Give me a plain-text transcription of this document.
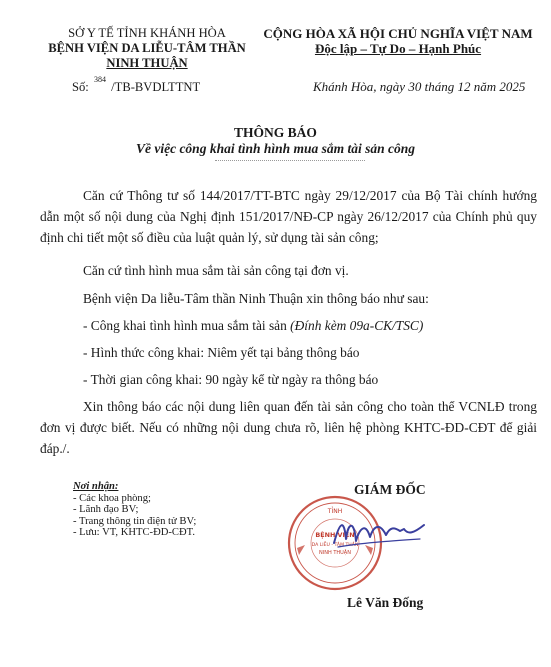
SỞ Y TẾ TỈNH KHÁNH HÒA
BỆNH VIỆN DA LIỄU-TÂM THẦN
NINH THUẬN
CỘNG HÒA XÃ HỘI CHỦ NGHĨA VIỆT NAM
Độc lập – Tự Do – Hạnh Phúc
Số: $^{384}$ /TB-BVDLTTNT	Khánh Hòa, ngày 30 tháng 12 năm 2025
THÔNG BÁO
Về việc công khai tình hình mua sắm tài sản công

Căn cứ Thông tư số 144/2017/TT-BTC ngày 29/12/2017 của Bộ Tài chính hướng dẫn một số nội dung của Nghị định 151/2017/NĐ-CP ngày 26/12/2017 của Chính phủ quy định chi tiết một số điều của luật quản lý, sử dụng tài sản công;

Căn cứ tình hình mua sắm tài sản công tại đơn vị.
Bệnh viện Da liễu-Tâm thần Ninh Thuận xin thông báo như sau:
- Công khai tình hình mua sắm tài sản (Đính kèm 09a-CK/TSC)
- Hình thức công khai: Niêm yết tại bảng thông báo
- Thời gian công khai: 90 ngày kể từ ngày ra thông báo

Xin thông báo các nội dung liên quan đến tài sản công cho toàn thể VCNLĐ trong đơn vị được biết. Nếu có những nội dung chưa rõ, liên hệ phòng KHTC-ĐD-CĐT để giải đáp./.

Nơi nhận:
- Các khoa phòng;
- Lãnh đạo BV;
- Trang thông tin điện tử BV;
- Lưu: VT, KHTC-ĐD-CĐT.
GIÁM ĐỐC
TỈNH
BỆNH VIỆN
DA LIỄU - TÂM THẦN
NINH THUẬN
Lê Văn Đống
